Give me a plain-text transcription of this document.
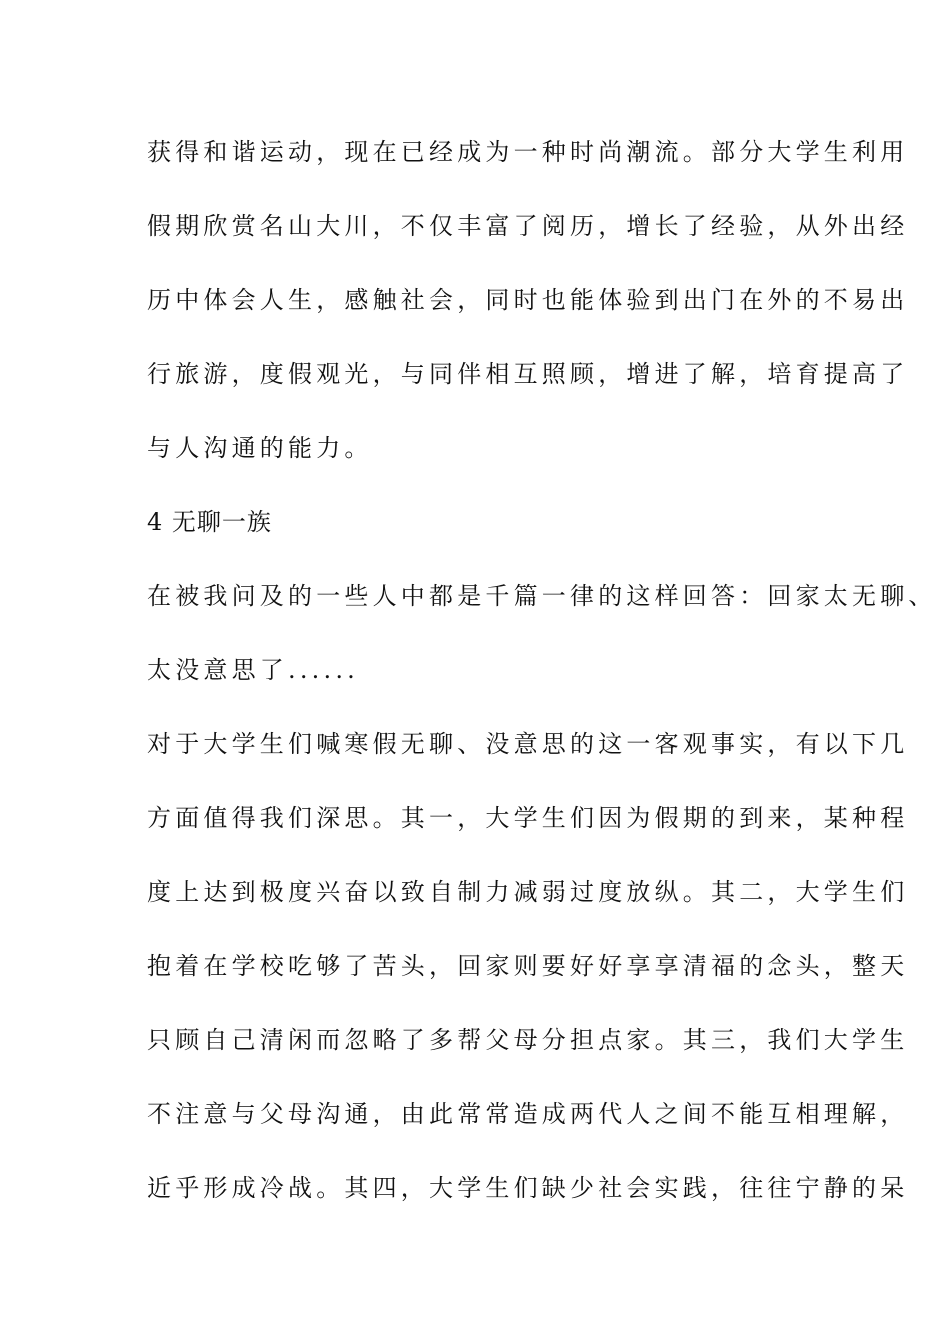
获得和谐运动，现在已经成为一种时尚潮流。部分大学生利用
假期欣赏名山大川，不仅丰富了阅历，增长了经验，从外出经
历中体会人生，感触社会，同时也能体验到出门在外的不易出
行旅游，度假观光，与同伴相互照顾，增进了解，培育提高了
与人沟通的能力。
4 无聊一族
在被我问及的一些人中都是千篇一律的这样回答：回家太无聊、
太没意思了......
对于大学生们喊寒假无聊、没意思的这一客观事实，有以下几
方面值得我们深思。其一，大学生们因为假期的到来，某种程
度上达到极度兴奋以致自制力减弱过度放纵。其二，大学生们
抱着在学校吃够了苦头，回家则要好好享享清福的念头，整天
只顾自己清闲而忽略了多帮父母分担点家。其三，我们大学生
不注意与父母沟通，由此常常造成两代人之间不能互相理解，
近乎形成冷战。其四，大学生们缺少社会实践，往往宁静的呆
